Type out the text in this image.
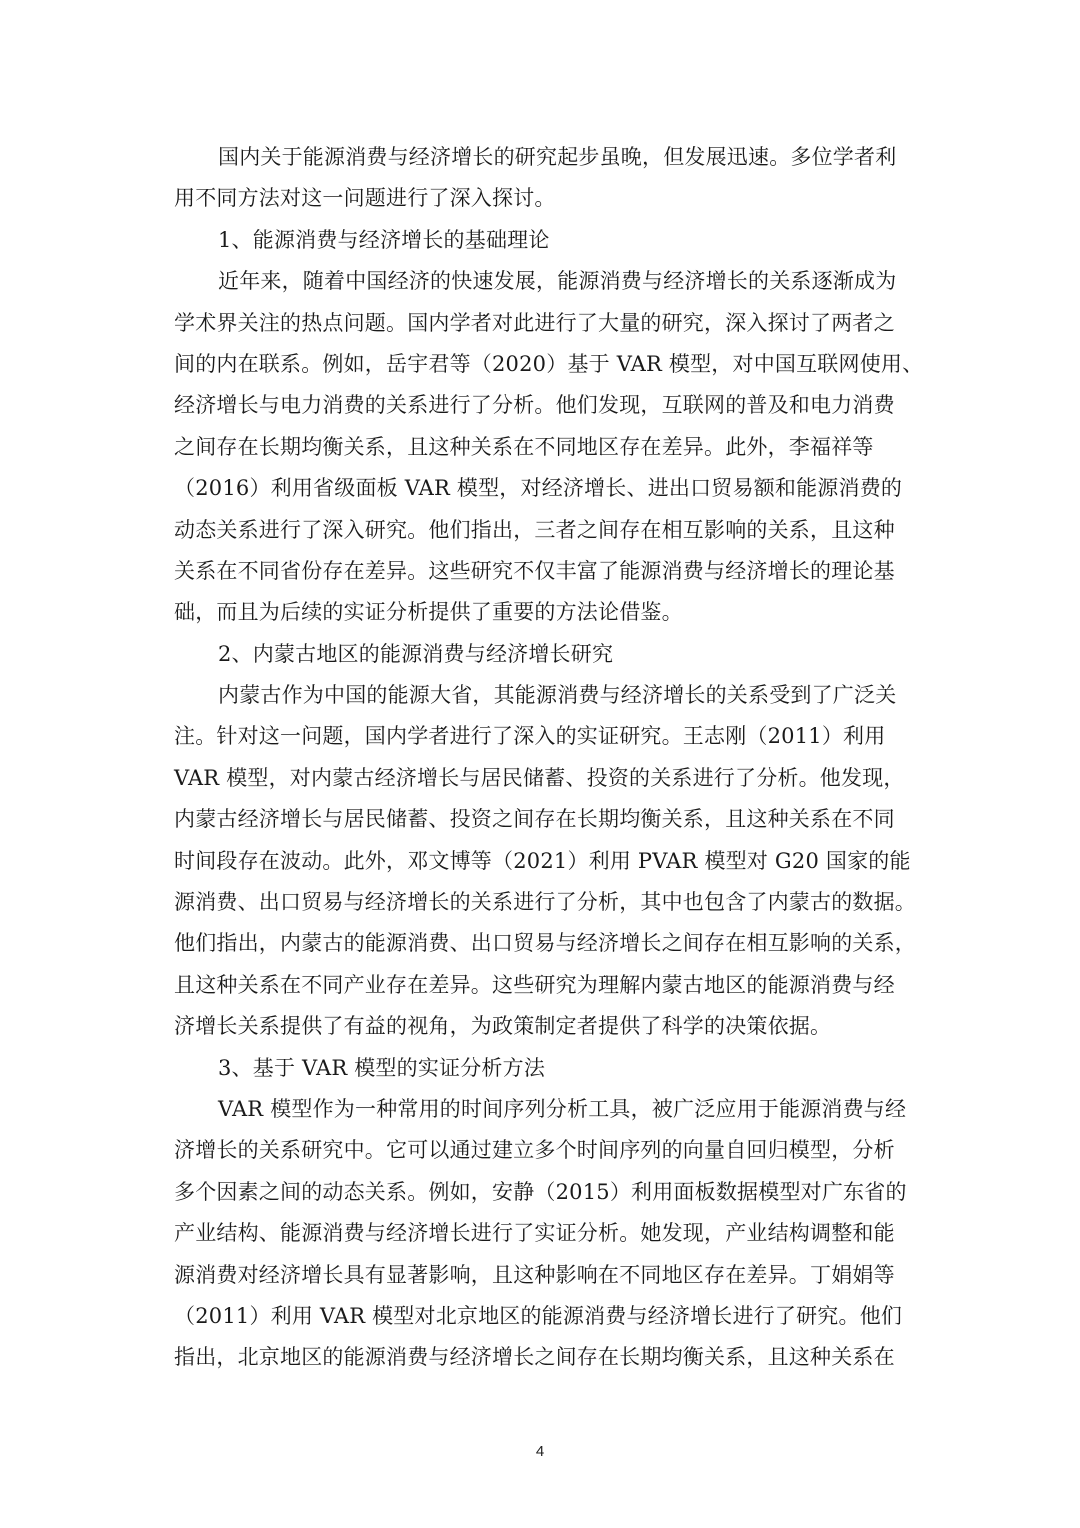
国内关于能源消费与经济增长的研究起步虽晚，但发展迅速。多位学者利
用不同方法对这一问题进行了深入探讨。
1、能源消费与经济增长的基础理论
近年来，随着中国经济的快速发展，能源消费与经济增长的关系逐渐成为
学术界关注的热点问题。国内学者对此进行了大量的研究，深入探讨了两者之
间的内在联系。例如，岳宇君等（2020）基于 VAR 模型，对中国互联网使用、
经济增长与电力消费的关系进行了分析。他们发现，互联网的普及和电力消费
之间存在长期均衡关系，且这种关系在不同地区存在差异。此外，李福祥等
（2016）利用省级面板 VAR 模型，对经济增长、进出口贸易额和能源消费的
动态关系进行了深入研究。他们指出，三者之间存在相互影响的关系，且这种
关系在不同省份存在差异。这些研究不仅丰富了能源消费与经济增长的理论基
础，而且为后续的实证分析提供了重要的方法论借鉴。
2、内蒙古地区的能源消费与经济增长研究
内蒙古作为中国的能源大省，其能源消费与经济增长的关系受到了广泛关
注。针对这一问题，国内学者进行了深入的实证研究。王志刚（2011）利用
VAR 模型，对内蒙古经济增长与居民储蓄、投资的关系进行了分析。他发现，
内蒙古经济增长与居民储蓄、投资之间存在长期均衡关系，且这种关系在不同
时间段存在波动。此外，邓文博等（2021）利用 PVAR 模型对 G20 国家的能
源消费、出口贸易与经济增长的关系进行了分析，其中也包含了内蒙古的数据。
他们指出，内蒙古的能源消费、出口贸易与经济增长之间存在相互影响的关系，
且这种关系在不同产业存在差异。这些研究为理解内蒙古地区的能源消费与经
济增长关系提供了有益的视角，为政策制定者提供了科学的决策依据。
3、基于 VAR 模型的实证分析方法
VAR 模型作为一种常用的时间序列分析工具，被广泛应用于能源消费与经
济增长的关系研究中。它可以通过建立多个时间序列的向量自回归模型，分析
多个因素之间的动态关系。例如，安静（2015）利用面板数据模型对广东省的
产业结构、能源消费与经济增长进行了实证分析。她发现，产业结构调整和能
源消费对经济增长具有显著影响，且这种影响在不同地区存在差异。丁娟娟等
（2011）利用 VAR 模型对北京地区的能源消费与经济增长进行了研究。他们
指出，北京地区的能源消费与经济增长之间存在长期均衡关系，且这种关系在
4
